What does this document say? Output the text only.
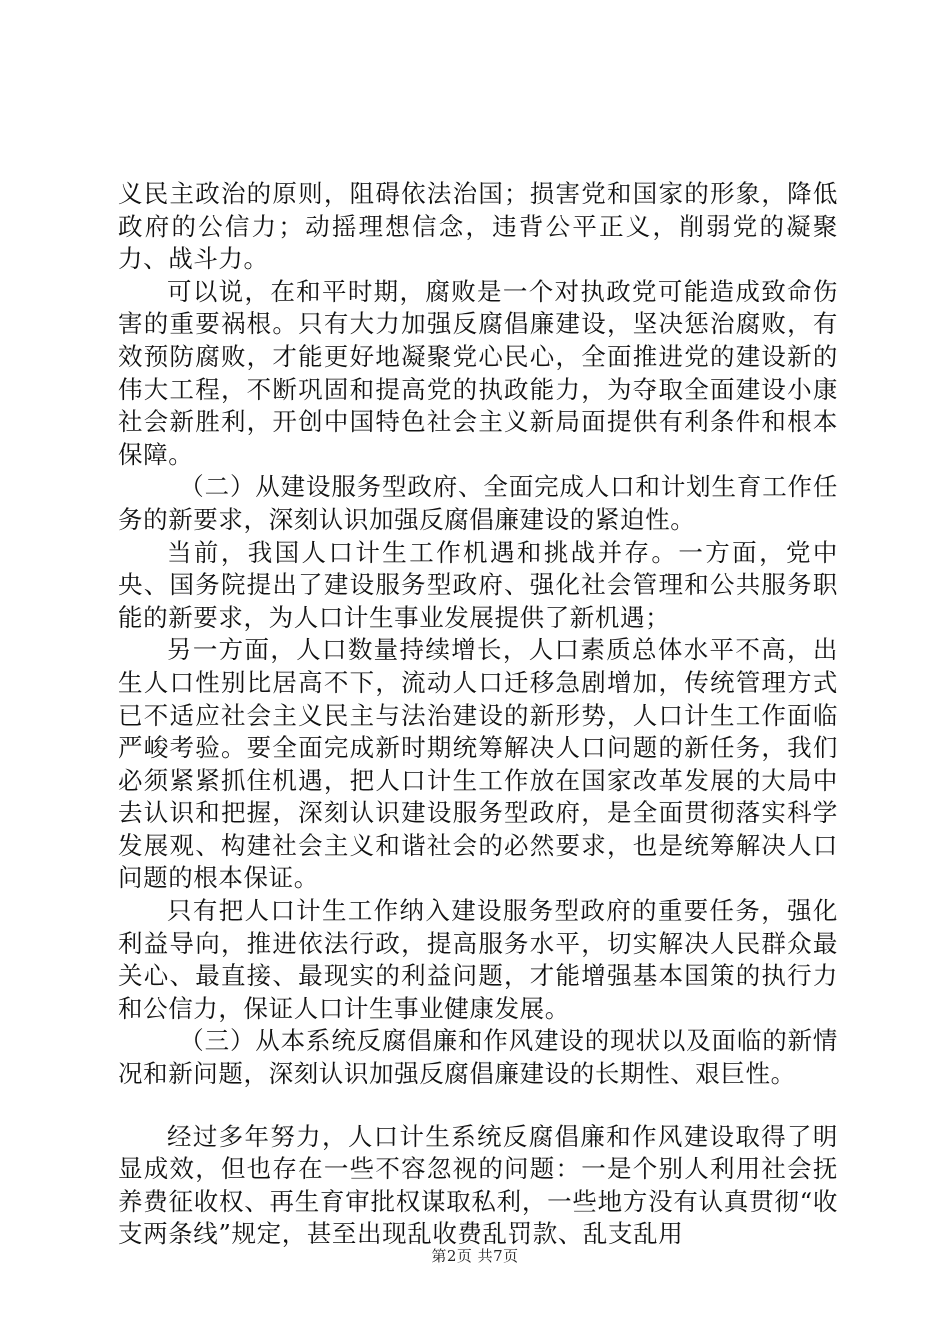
义民主政治的原则，阻碍依法治国；损害党和国家的形象，降低政府的公信力；动摇理想信念，违背公平正义，削弱党的凝聚力、战斗力。

可以说，在和平时期，腐败是一个对执政党可能造成致命伤害的重要祸根。只有大力加强反腐倡廉建设，坚决惩治腐败，有效预防腐败，才能更好地凝聚党心民心，全面推进党的建设新的伟大工程，不断巩固和提高党的执政能力，为夺取全面建设小康社会新胜利，开创中国特色社会主义新局面提供有利条件和根本保障。

（二）从建设服务型政府、全面完成人口和计划生育工作任务的新要求，深刻认识加强反腐倡廉建设的紧迫性。

当前，我国人口计生工作机遇和挑战并存。一方面，党中央、国务院提出了建设服务型政府、强化社会管理和公共服务职能的新要求，为人口计生事业发展提供了新机遇；

另一方面，人口数量持续增长，人口素质总体水平不高，出生人口性别比居高不下，流动人口迁移急剧增加，传统管理方式已不适应社会主义民主与法治建设的新形势，人口计生工作面临严峻考验。要全面完成新时期统筹解决人口问题的新任务，我们必须紧紧抓住机遇，把人口计生工作放在国家改革发展的大局中去认识和把握，深刻认识建设服务型政府，是全面贯彻落实科学发展观、构建社会主义和谐社会的必然要求，也是统筹解决人口问题的根本保证。

只有把人口计生工作纳入建设服务型政府的重要任务，强化利益导向，推进依法行政，提高服务水平，切实解决人民群众最关心、最直接、最现实的利益问题，才能增强基本国策的执行力和公信力，保证人口计生事业健康发展。

（三）从本系统反腐倡廉和作风建设的现状以及面临的新情况和新问题，深刻认识加强反腐倡廉建设的长期性、艰巨性。

经过多年努力，人口计生系统反腐倡廉和作风建设取得了明显成效，但也存在一些不容忽视的问题：一是个别人利用社会抚养费征收权、再生育审批权谋取私利，一些地方没有认真贯彻“收支两条线”规定，甚至出现乱收费乱罚款、乱支乱用

第2页 共7页
